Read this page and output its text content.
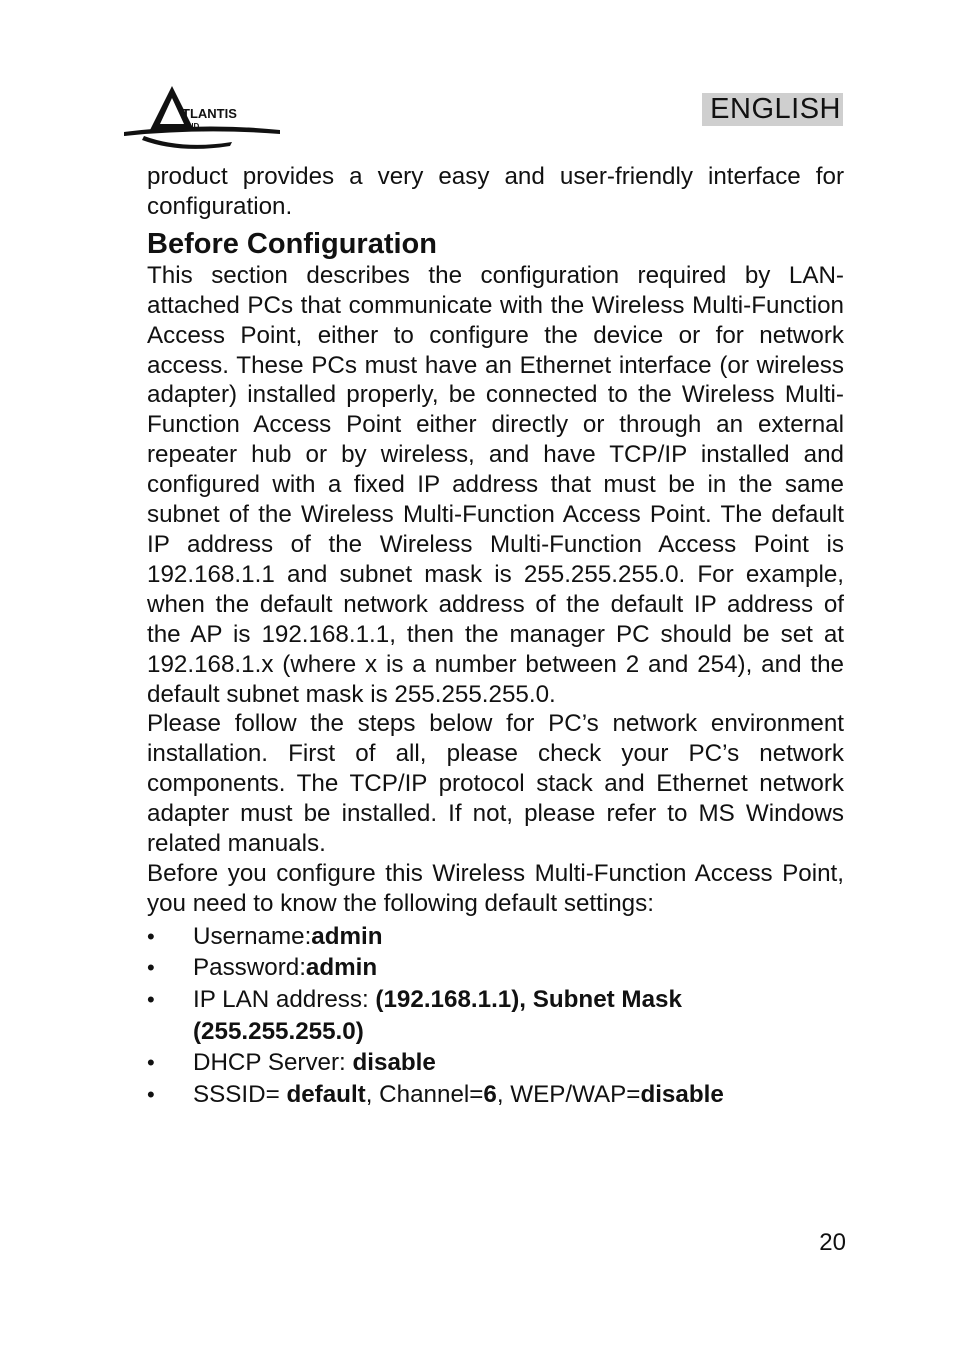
TLANTIS
AND
ENGLISH

product provides a very easy and user-friendly interface for configuration.

Before Configuration

This section describes the configuration required by LAN-attached PCs that communicate with the Wireless Multi-Function Access Point, either to configure the device or for network access. These PCs must have an Ethernet interface (or wireless adapter) installed properly, be connected to the Wireless Multi-Function Access Point either directly or through an external repeater hub or by wireless, and have TCP/IP installed and configured with a fixed IP address that must be in the same subnet of the Wireless Multi-Function Access Point. The default IP address of the Wireless Multi-Function Access Point is 192.168.1.1 and subnet mask is 255.255.255.0. For example, when the default network address of the default IP address of the AP is 192.168.1.1, then the manager PC should be set at 192.168.1.x (where x is a number between 2 and 254), and the default subnet mask is 255.255.255.0.

Please follow the steps below for PC’s network environment installation. First of all, please check your PC’s network components. The TCP/IP protocol stack and Ethernet network adapter must be installed. If not, please refer to MS Windows related manuals.

Before you configure this Wireless Multi-Function Access Point, you need to know the following default settings:

• Username:admin
• Password:admin
• IP LAN address: (192.168.1.1), Subnet Mask
(255.255.255.0)
• DHCP Server: disable
• SSSID= default, Channel=6, WEP/WAP=disable
20
